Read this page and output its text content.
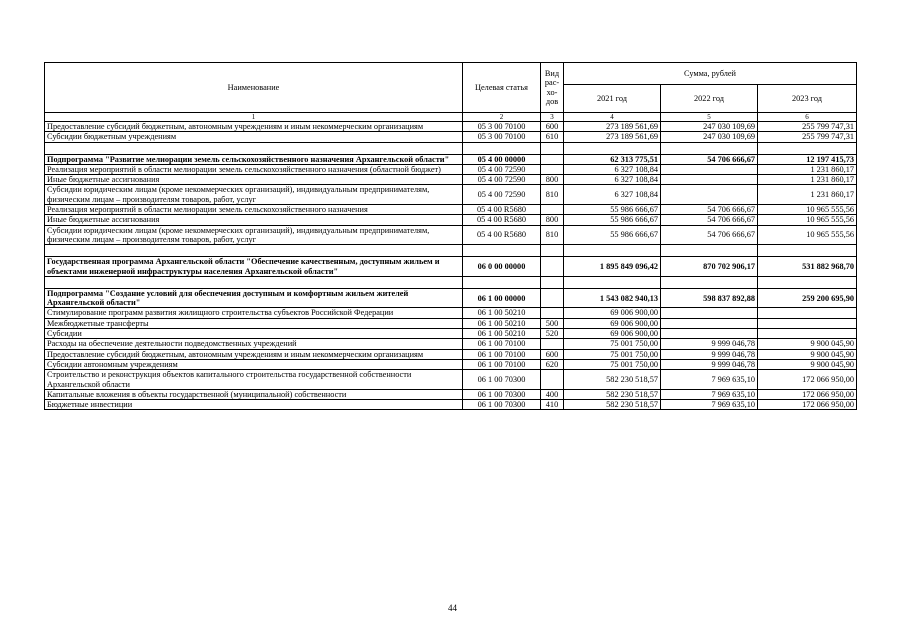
Наименование	Целевая статья	Вид рас-хо-дов	Сумма, рублей		
			2021 год	2022 год	2023 год
1	2	3	4	5	6
Предоставление субсидий бюджетным, автономным учреждениям и иным некоммерческим организациям	05 3 00 70100	600	273 189 561,69	247 030 109,69	255 799 747,31
Субсидии бюджетным учреждениям	05 3 00 70100	610	273 189 561,69	247 030 109,69	255 799 747,31

Подпрограмма "Развитие мелиорации земель сельскохозяйственного назначения Архангельской области"	05 4 00 00000		62 313 775,51	54 706 666,67	12 197 415,73
Реализация мероприятий в области мелиорации земель сельскохозяйственного назначения (областной бюджет)	05 4 00 72590		6 327 108,84		1 231 860,17
Иные бюджетные ассигнования	05 4 00 72590	800	6 327 108,84		1 231 860,17
Субсидии юридическим лицам (кроме некоммерческих организаций), индивидуальным предпринимателям, физическим лицам – производителям товаров, работ, услуг	05 4 00 72590	810	6 327 108,84		1 231 860,17
Реализация мероприятий в области мелиорации земель сельскохозяйственного назначения	05 4 00 R5680		55 986 666,67	54 706 666,67	10 965 555,56
Иные бюджетные ассигнования	05 4 00 R5680	800	55 986 666,67	54 706 666,67	10 965 555,56
Субсидии юридическим лицам (кроме некоммерческих организаций), индивидуальным предпринимателям, физическим лицам – производителям товаров, работ, услуг	05 4 00 R5680	810	55 986 666,67	54 706 666,67	10 965 555,56

Государственная программа Архангельской области "Обеспечение качественным, доступным жильем и объектами инженерной инфраструктуры населения Архангельской области"	06 0 00 00000		1 895 849 096,42	870 702 906,17	531 882 968,70

Подпрограмма "Создание условий для обеспечения доступным и комфортным жильем жителей Архангельской области"	06 1 00 00000		1 543 082 940,13	598 837 892,88	259 200 695,90
Стимулирование программ развития жилищного строительства субъектов Российской Федерации	06 1 00 50210		69 006 900,00		
Межбюджетные трансферты	06 1 00 50210	500	69 006 900,00		
Субсидии	06 1 00 50210	520	69 006 900,00		
Расходы на обеспечение деятельности подведомственных учреждений	06 1 00 70100		75 001 750,00	9 999 046,78	9 900 045,90
Предоставление субсидий бюджетным, автономным учреждениям и иным некоммерческим организациям	06 1 00 70100	600	75 001 750,00	9 999 046,78	9 900 045,90
Субсидии автономным учреждениям	06 1 00 70100	620	75 001 750,00	9 999 046,78	9 900 045,90
Строительство и реконструкция объектов капитального строительства государственной собственности Архангельской области	06 1 00 70300		582 230 518,57	7 969 635,10	172 066 950,00
Капитальные вложения в объекты государственной (муниципальной) собственности	06 1 00 70300	400	582 230 518,57	7 969 635,10	172 066 950,00
Бюджетные инвестиции	06 1 00 70300	410	582 230 518,57	7 969 635,10	172 066 950,00
44
